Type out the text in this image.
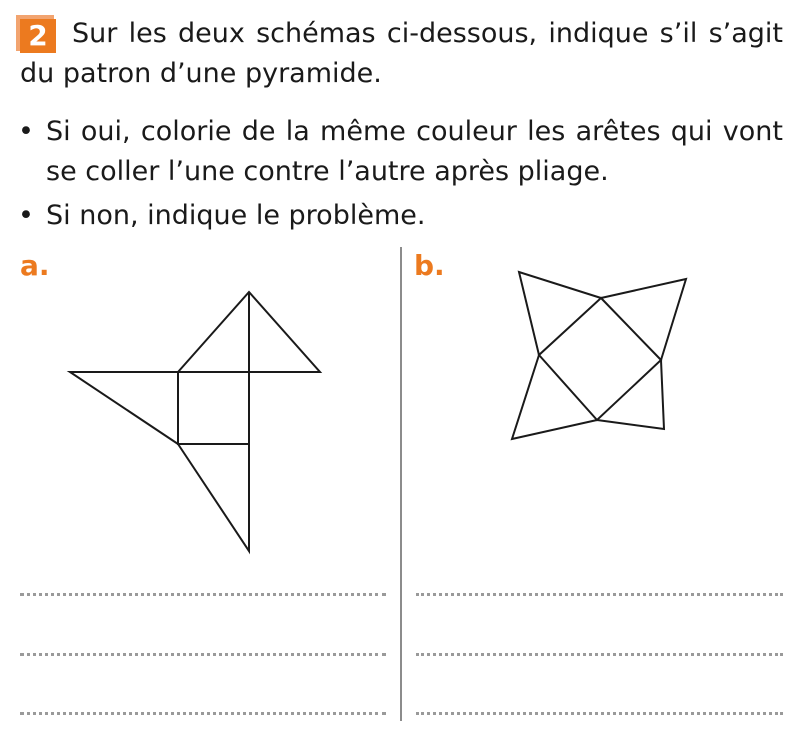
2 Sur les deux schémas ci-dessous, indique s’il s’agit du patron d’une pyramide.

• Si oui, colorie de la même couleur les arêtes qui vont se coller l’une contre l’autre après pliage.

• Si non, indique le problème.

a.	b.
